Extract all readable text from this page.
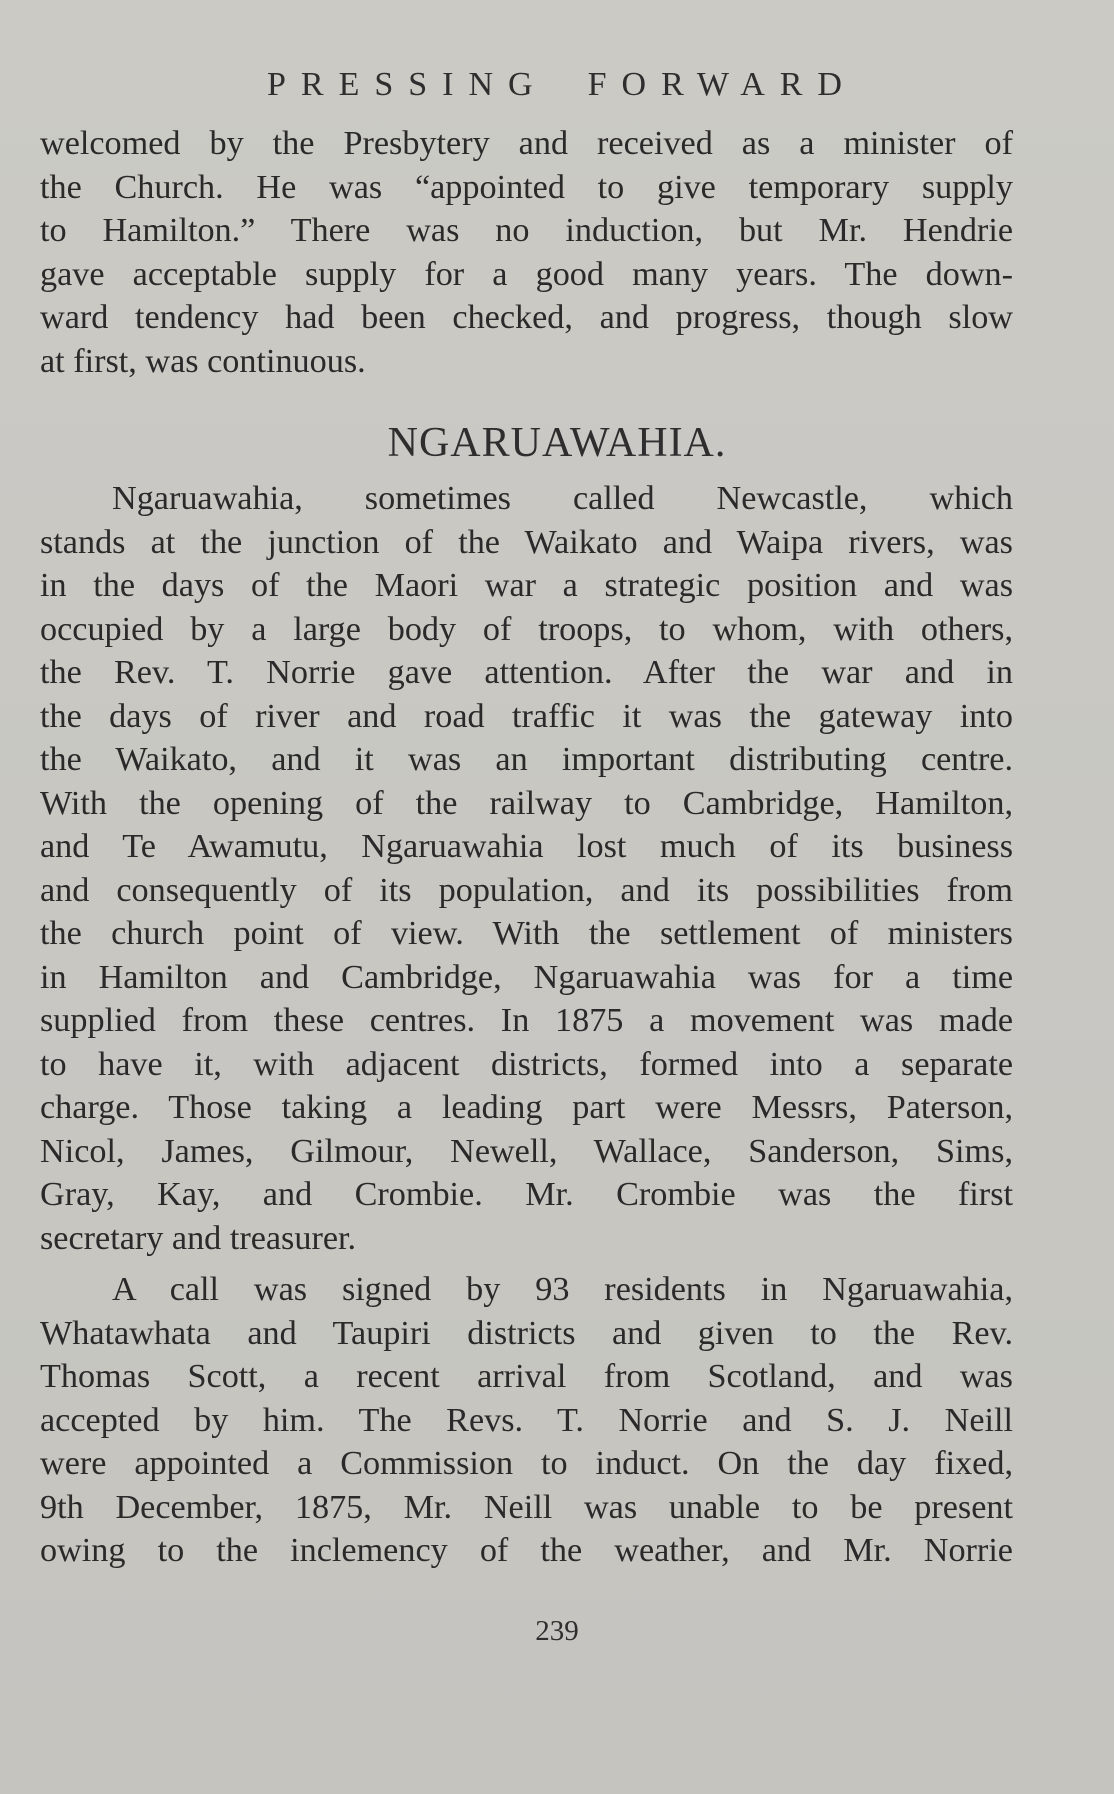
PRESSING FORWARD
welcomed by the Presbytery and received as a minister of
the Church. He was “appointed to give temporary supply
to Hamilton.” There was no induction, but Mr. Hendrie
gave acceptable supply for a good many years. The down-
ward tendency had been checked, and progress, though slow
at first, was continuous.
NGARUAWAHIA.
Ngaruawahia, sometimes called Newcastle, which
stands at the junction of the Waikato and Waipa rivers, was
in the days of the Maori war a strategic position and was
occupied by a large body of troops, to whom, with others,
the Rev. T. Norrie gave attention. After the war and in
the days of river and road traffic it was the gateway into
the Waikato, and it was an important distributing centre.
With the opening of the railway to Cambridge, Hamilton,
and Te Awamutu, Ngaruawahia lost much of its business
and consequently of its population, and its possibilities from
the church point of view. With the settlement of ministers
in Hamilton and Cambridge, Ngaruawahia was for a time
supplied from these centres. In 1875 a movement was made
to have it, with adjacent districts, formed into a separate
charge. Those taking a leading part were Messrs, Paterson,
Nicol, James, Gilmour, Newell, Wallace, Sanderson, Sims,
Gray, Kay, and Crombie. Mr. Crombie was the first
secretary and treasurer.
A call was signed by 93 residents in Ngaruawahia,
Whatawhata and Taupiri districts and given to the Rev.
Thomas Scott, a recent arrival from Scotland, and was
accepted by him. The Revs. T. Norrie and S. J. Neill
were appointed a Commission to induct. On the day fixed,
9th December, 1875, Mr. Neill was unable to be present
owing to the inclemency of the weather, and Mr. Norrie
239
